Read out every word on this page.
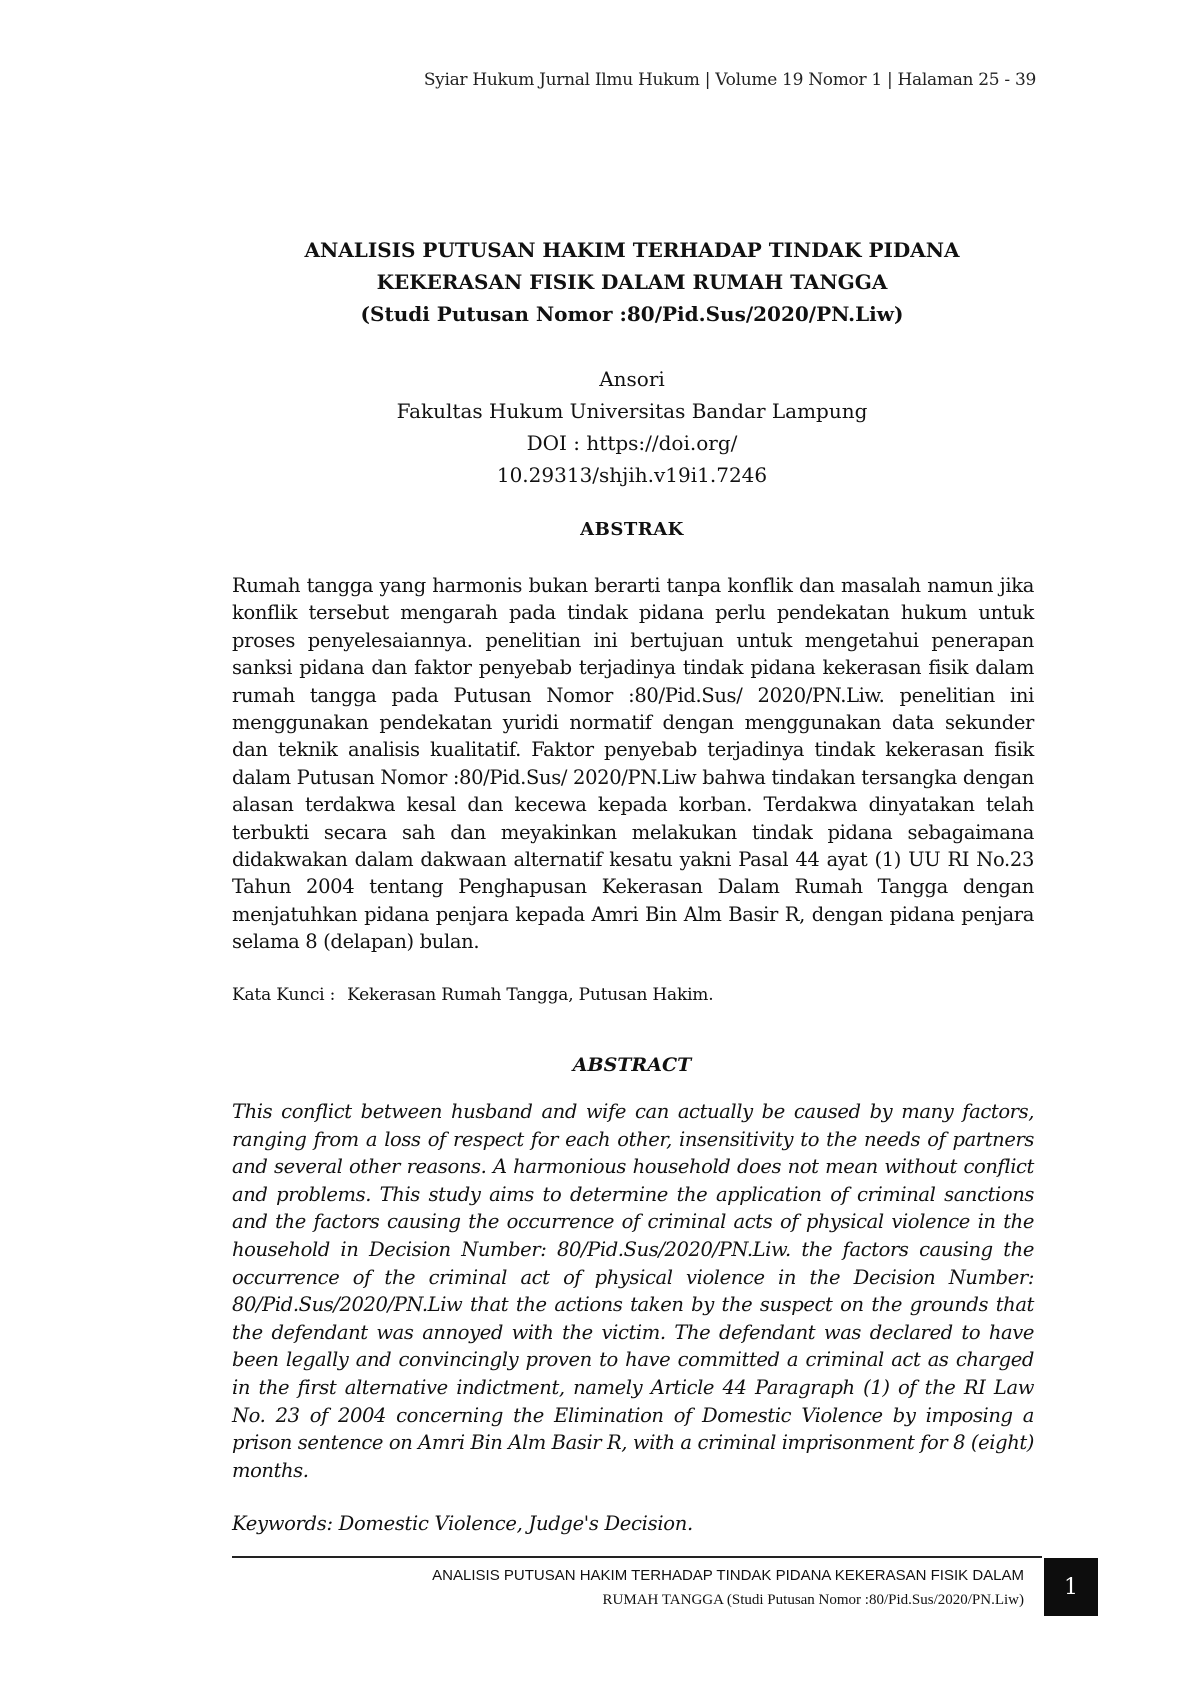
Syiar Hukum Jurnal Ilmu Hukum | Volume 19 Nomor 1 | Halaman 25 - 39
ANALISIS PUTUSAN HAKIM TERHADAP TINDAK PIDANA
KEKERASAN FISIK DALAM RUMAH TANGGA
(Studi Putusan Nomor :80/Pid.Sus/2020/PN.Liw)
Ansori
Fakultas Hukum Universitas Bandar Lampung
DOI : https://doi.org/
10.29313/shjih.v19i1.7246
ABSTRAK
Rumah tangga yang harmonis bukan berarti tanpa konflik dan masalah namun jika konflik tersebut mengarah pada tindak pidana perlu pendekatan hukum untuk proses penyelesaiannya. penelitian ini bertujuan untuk mengetahui penerapan sanksi pidana dan faktor penyebab terjadinya tindak pidana kekerasan fisik dalam rumah tangga pada Putusan Nomor :80/Pid.Sus/ 2020/PN.Liw. penelitian ini menggunakan pendekatan yuridi normatif dengan menggunakan data sekunder dan teknik analisis kualitatif. Faktor penyebab terjadinya tindak kekerasan fisik dalam Putusan Nomor :80/Pid.Sus/ 2020/PN.Liw bahwa tindakan tersangka dengan alasan terdakwa kesal dan kecewa kepada korban. Terdakwa dinyatakan telah terbukti secara sah dan meyakinkan melakukan tindak pidana sebagaimana didakwakan dalam dakwaan alternatif kesatu yakni Pasal 44 ayat (1) UU RI No.23 Tahun 2004 tentang Penghapusan Kekerasan Dalam Rumah Tangga dengan menjatuhkan pidana penjara kepada Amri Bin Alm Basir R, dengan pidana penjara selama 8 (delapan) bulan.
Kata Kunci : Kekerasan Rumah Tangga, Putusan Hakim.
ABSTRACT
This conflict between husband and wife can actually be caused by many factors, ranging from a loss of respect for each other, insensitivity to the needs of partners and several other reasons. A harmonious household does not mean without conflict and problems. This study aims to determine the application of criminal sanctions and the factors causing the occurrence of criminal acts of physical violence in the household in Decision Number: 80/Pid.Sus/2020/PN.Liw. the factors causing the occurrence of the criminal act of physical violence in the Decision Number: 80/Pid.Sus/2020/PN.Liw that the actions taken by the suspect on the grounds that the defendant was annoyed with the victim. The defendant was declared to have been legally and convincingly proven to have committed a criminal act as charged in the first alternative indictment, namely Article 44 Paragraph (1) of the RI Law No. 23 of 2004 concerning the Elimination of Domestic Violence by imposing a prison sentence on Amri Bin Alm Basir R, with a criminal imprisonment for 8 (eight) months.
Keywords: Domestic Violence, Judge's Decision.
ANALISIS PUTUSAN HAKIM TERHADAP TINDAK PIDANA KEKERASAN FISIK DALAM
RUMAH TANGGA (Studi Putusan Nomor :80/Pid.Sus/2020/PN.Liw)
1
